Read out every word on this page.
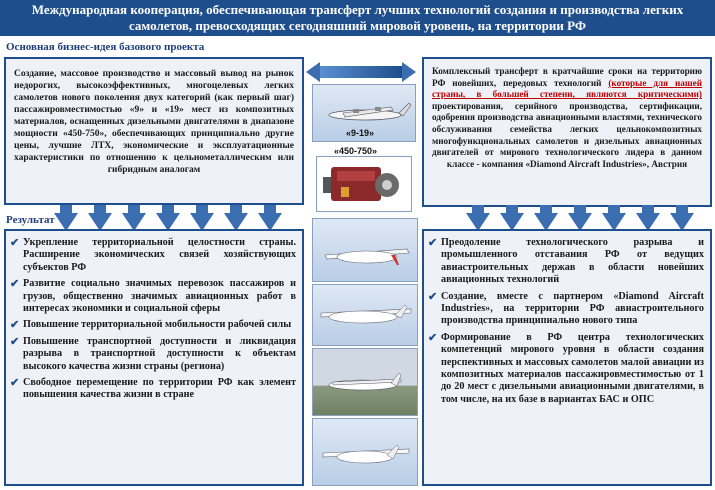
Международная кооперация, обеспечивающая трансферт лучших технологий создания и производства легких самолетов, превосходящих сегодняшний мировой уровень, на территории РФ
Основная бизнес-идея базового проекта
Создание, массовое производство и массовый вывод на рынок недорогих, высокоэффективных, многоцелевых легких самолетов нового поколения двух категорий (как первый шаг) пассажировместимостью «9» и «19» мест из композитных материалов, оснащенных дизельными двигателями в диапазоне мощности «450-750», обеспечивающих принципиально другие цены, лучшие ЛТХ, экономические и эксплуатационные характеристики по отношению к цельнометаллическим или гибридным аналогам
Комплексный трансферт в кратчайшие сроки на территорию РФ новейших, передовых технологий (которые для нашей страны, в большей степени, являются критическими) проектирования, серийного производства, сертификации, одобрения производства авиационными властями, технического обслуживания семейства легких цельнокомпозитных многофункциональных самолетов и дизельных авиационных двигателей от мирового технологического лидера в данном классе - компания «Diamond Aircraft Industries», Австрия
«9-19»
«450-750»
Результат
✔ Укрепление территориальной целостности страны. Расширение экономических связей хозяйствующих субъектов РФ
✔ Развитие социально значимых перевозок пассажиров и грузов, общественно значимых авиационных работ в интересах экономики и социальной сферы
✔ Повышение территориальной мобильности рабочей силы
✔ Повышение транспортной доступности и ликвидация разрыва в транспортной доступности к объектам высокого качества жизни страны (регионa)
✔ Свободное перемещение по территории РФ как элемент повышения качества жизни в стране
✔ Преодоление технологического разрыва и промышленного отставания РФ от ведущих авиастроительных держав в области новейших авиационных технологий
✔ Создание, вместе с партнером «Diamond Aircraft Industries», на территории РФ авиастроительного производства принципиально нового типа
✔ Формирование в РФ центра технологических компетенций мирового уровня в области создания перспективных и массовых самолетов малой авиации из композитных материалов пассажировместимостью от 1 до 20 мест с дизельными авиационными двигателями, в том числе, на их базе в вариантах БАС и ОПС
